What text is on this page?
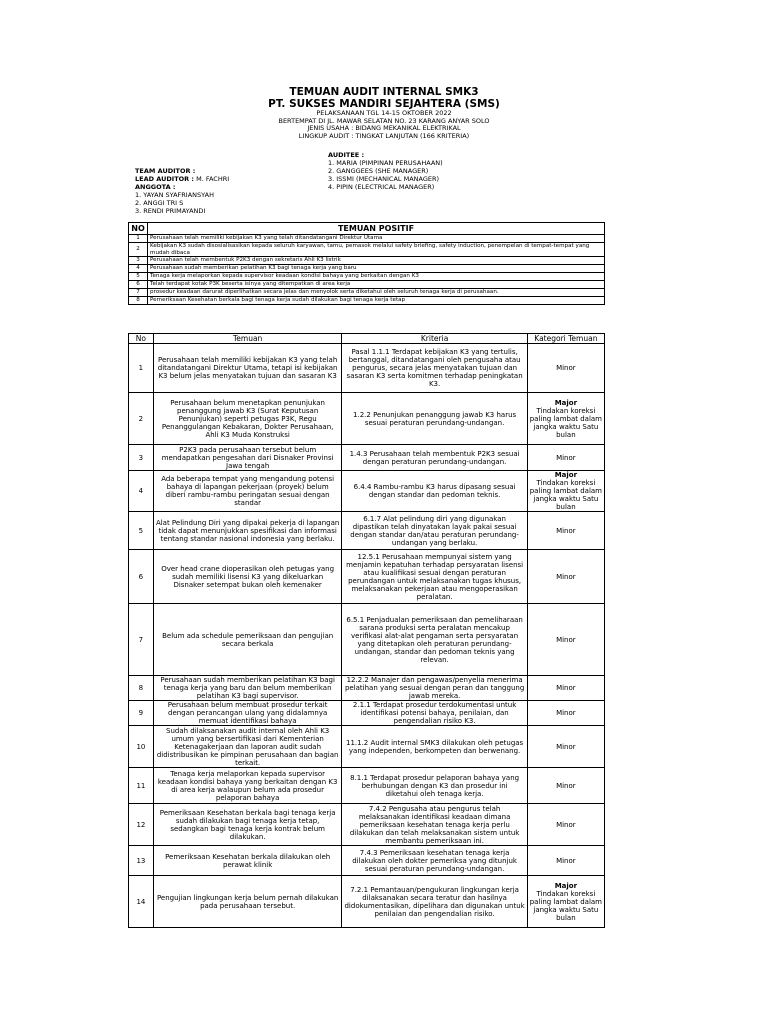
TEMUAN AUDIT INTERNAL SMK3
PT. SUKSES MANDIRI SEJAHTERA (SMS)
PELAKSANAAN TGL 14-15 OKTOBER 2022
BERTEMPAT DI JL. MAWAR SELATAN NO. 23 KARANG ANYAR SOLO
JENIS USAHA : BIDANG MEKANIKAL ELEKTRIKAL
LINGKUP AUDIT : TINGKAT LANJUTAN (166 KRITERIA)
AUDITEE :
1. MARIA (PIMPINAN PERUSAHAAN)
2. GANGGEES (SHE MANAGER)
3. ISSMI (MECHANICAL MANAGER)
4. PIPIN (ELECTRICAL MANAGER)
TEAM AUDITOR :
LEAD AUDITOR : M. FACHRI
ANGGOTA :
1. YAYAN SYAFRIANSYAH
2. ANGGI TRI S
3. RENDI PRIMAYANDI
NO	TEMUAN POSITIF
1	Perusahaan telah memiliki kebijakan K3 yang telah ditandatangani Direktur Utama
2	Kebijakan K3 sudah disosialisasikan kepada seluruh karyawan, tamu, pemasok melalui safety briefing, safety induction, penempelan di tempat-tempat yang mudah dibaca
3	Perusahaan telah membentuk P2K3 dengan sekretaris Ahli K3 listrik
4	Perusahaan sudah memberikan pelatihan K3 bagi tenaga kerja yang baru
5	Tenaga kerja melaporkan kepada supervisor keadaan kondisi bahaya yang berkaitan dengan K3
6	Telah terdapat kotak P3K beserta isinya yang ditempatkan di area kerja
7	prosedur keadaan darurat diperlihatkan secara jelas dan menyolok serta diketahui oleh seluruh tenaga kerja di perusahaan.
8	Pemeriksaan Kesehatan berkala bagi tenaga kerja sudah dilakukan bagi tenaga kerja tetap
No	Temuan	Kriteria	Kategori Temuan
1	Perusahaan telah memiliki kebijakan K3 yang telah ditandatangani Direktur Utama, tetapi isi kebijakan K3 belum jelas menyatakan tujuan dan sasaran K3	Pasal 1.1.1 Terdapat kebijakan K3 yang tertulis, bertanggal, ditandatangani oleh pengusaha atau pengurus, secara jelas menyatakan tujuan dan sasaran K3 serta komitmen terhadap peningkatan K3.	Minor
2	Perusahaan belum menetapkan penunjukan penanggung jawab K3 (Surat Keputusan Penunjukan) seperti petugas P3K, Regu Penanggulangan Kebakaran, Dokter Perusahaan, Ahli K3 Muda Konstruksi	1.2.2 Penunjukan penanggung jawab K3 harus sesuai peraturan perundang-undangan.	Major
Tindakan koreksi paling lambat dalam jangka waktu Satu bulan
3	P2K3 pada perusahaan tersebut belum mendapatkan pengesahan dari Disnaker Provinsi Jawa tengah	1.4.3 Perusahaan telah membentuk P2K3 sesuai dengan peraturan perundang-undangan.	Minor
4	Ada beberapa tempat yang mengandung potensi bahaya di lapangan pekerjaan (proyek) belum diberi rambu-rambu peringatan sesuai dengan standar	6.4.4 Rambu-rambu K3 harus dipasang sesuai dengan standar dan pedoman teknis.	Major
Tindakan koreksi paling lambat dalam jangka waktu Satu bulan
5	Alat Pelindung Diri yang dipakai pekerja di lapangan tidak dapat menunjukkan spesifikasi dan informasi tentang standar nasional indonesia yang berlaku.	6.1.7 Alat pelindung diri yang digunakan dipastikan telah dinyatakan layak pakai sesuai dengan standar dan/atau peraturan perundang-undangan yang berlaku.	Minor
6	Over head crane dioperasikan oleh petugas yang sudah memiliki lisensi K3 yang dikeluarkan Disnaker setempat bukan oleh kemenaker	12.5.1 Perusahaan mempunyai sistem yang menjamin kepatuhan terhadap persyaratan lisensi atau kualifikasi sesuai dengan peraturan perundangan untuk melaksanakan tugas khusus, melaksanakan pekerjaan atau mengoperasikan peralatan.	Minor
7	Belum ada schedule pemeriksaan dan pengujian secara berkala	6.5.1 Penjadualan pemeriksaan dan pemeliharaan sarana produksi serta peralatan mencakup verifikasi alat-alat pengaman serta persyaratan yang ditetapkan oleh peraturan perundang-undangan, standar dan pedoman teknis yang relevan.	Minor
8	Perusahaan sudah memberikan pelatihan K3 bagi tenaga kerja yang baru dan belum memberikan pelatihan K3 bagi supervisor.	12.2.2 Manajer dan pengawas/penyelia menerima pelatihan yang sesuai dengan peran dan tanggung jawab mereka.	Minor
9	Perusahaan belum membuat prosedur terkait dengan perancangan ulang yang didalamnya memuat identifikasi bahaya	2.1.1 Terdapat prosedur terdokumentasi untuk identifikasi potensi bahaya, penilaian, dan pengendalian risiko K3.	Minor
10	Sudah dilaksanakan audit internal oleh Ahli K3 umum yang bersertifikasi dari Kementerian Ketenagakerjaan dan laporan audit sudah didistribusikan ke pimpinan perusahaan dan bagian terkait.	11.1.2 Audit internal SMK3 dilakukan oleh petugas yang independen, berkompeten dan berwenang.	Minor
11	Tenaga kerja melaporkan kepada supervisor keadaan kondisi bahaya yang berkaitan dengan K3 di area kerja walaupun belum ada prosedur pelaporan bahaya	8.1.1 Terdapat prosedur pelaporan bahaya yang berhubungan dengan K3 dan prosedur ini diketahui oleh tenaga kerja.	Minor
12	Pemeriksaan Kesehatan berkala bagi tenaga kerja sudah dilakukan bagi tenaga kerja tetap, sedangkan bagi tenaga kerja kontrak belum dilakukan.	7.4.2 Pengusaha atau pengurus telah melaksanakan identifikasi keadaan dimana pemeriksaan kesehatan tenaga kerja perlu dilakukan dan telah melaksanakan sistem untuk membantu pemeriksaan ini.	Minor
13	Pemeriksaan Kesehatan berkala dilakukan oleh perawat klinik	7.4.3 Pemeriksaan kesehatan tenaga kerja dilakukan oleh dokter pemeriksa yang ditunjuk sesuai peraturan perundang-undangan.	Minor
14	Pengujian lingkungan kerja belum pernah dilakukan pada perusahaan tersebut.	7.2.1 Pemantauan/pengukuran lingkungan kerja dilaksanakan secara teratur dan hasilnya didokumentasikan, dipelihara dan digunakan untuk penilaian dan pengendalian risiko.	Major
Tindakan koreksi paling lambat dalam jangka waktu Satu bulan
